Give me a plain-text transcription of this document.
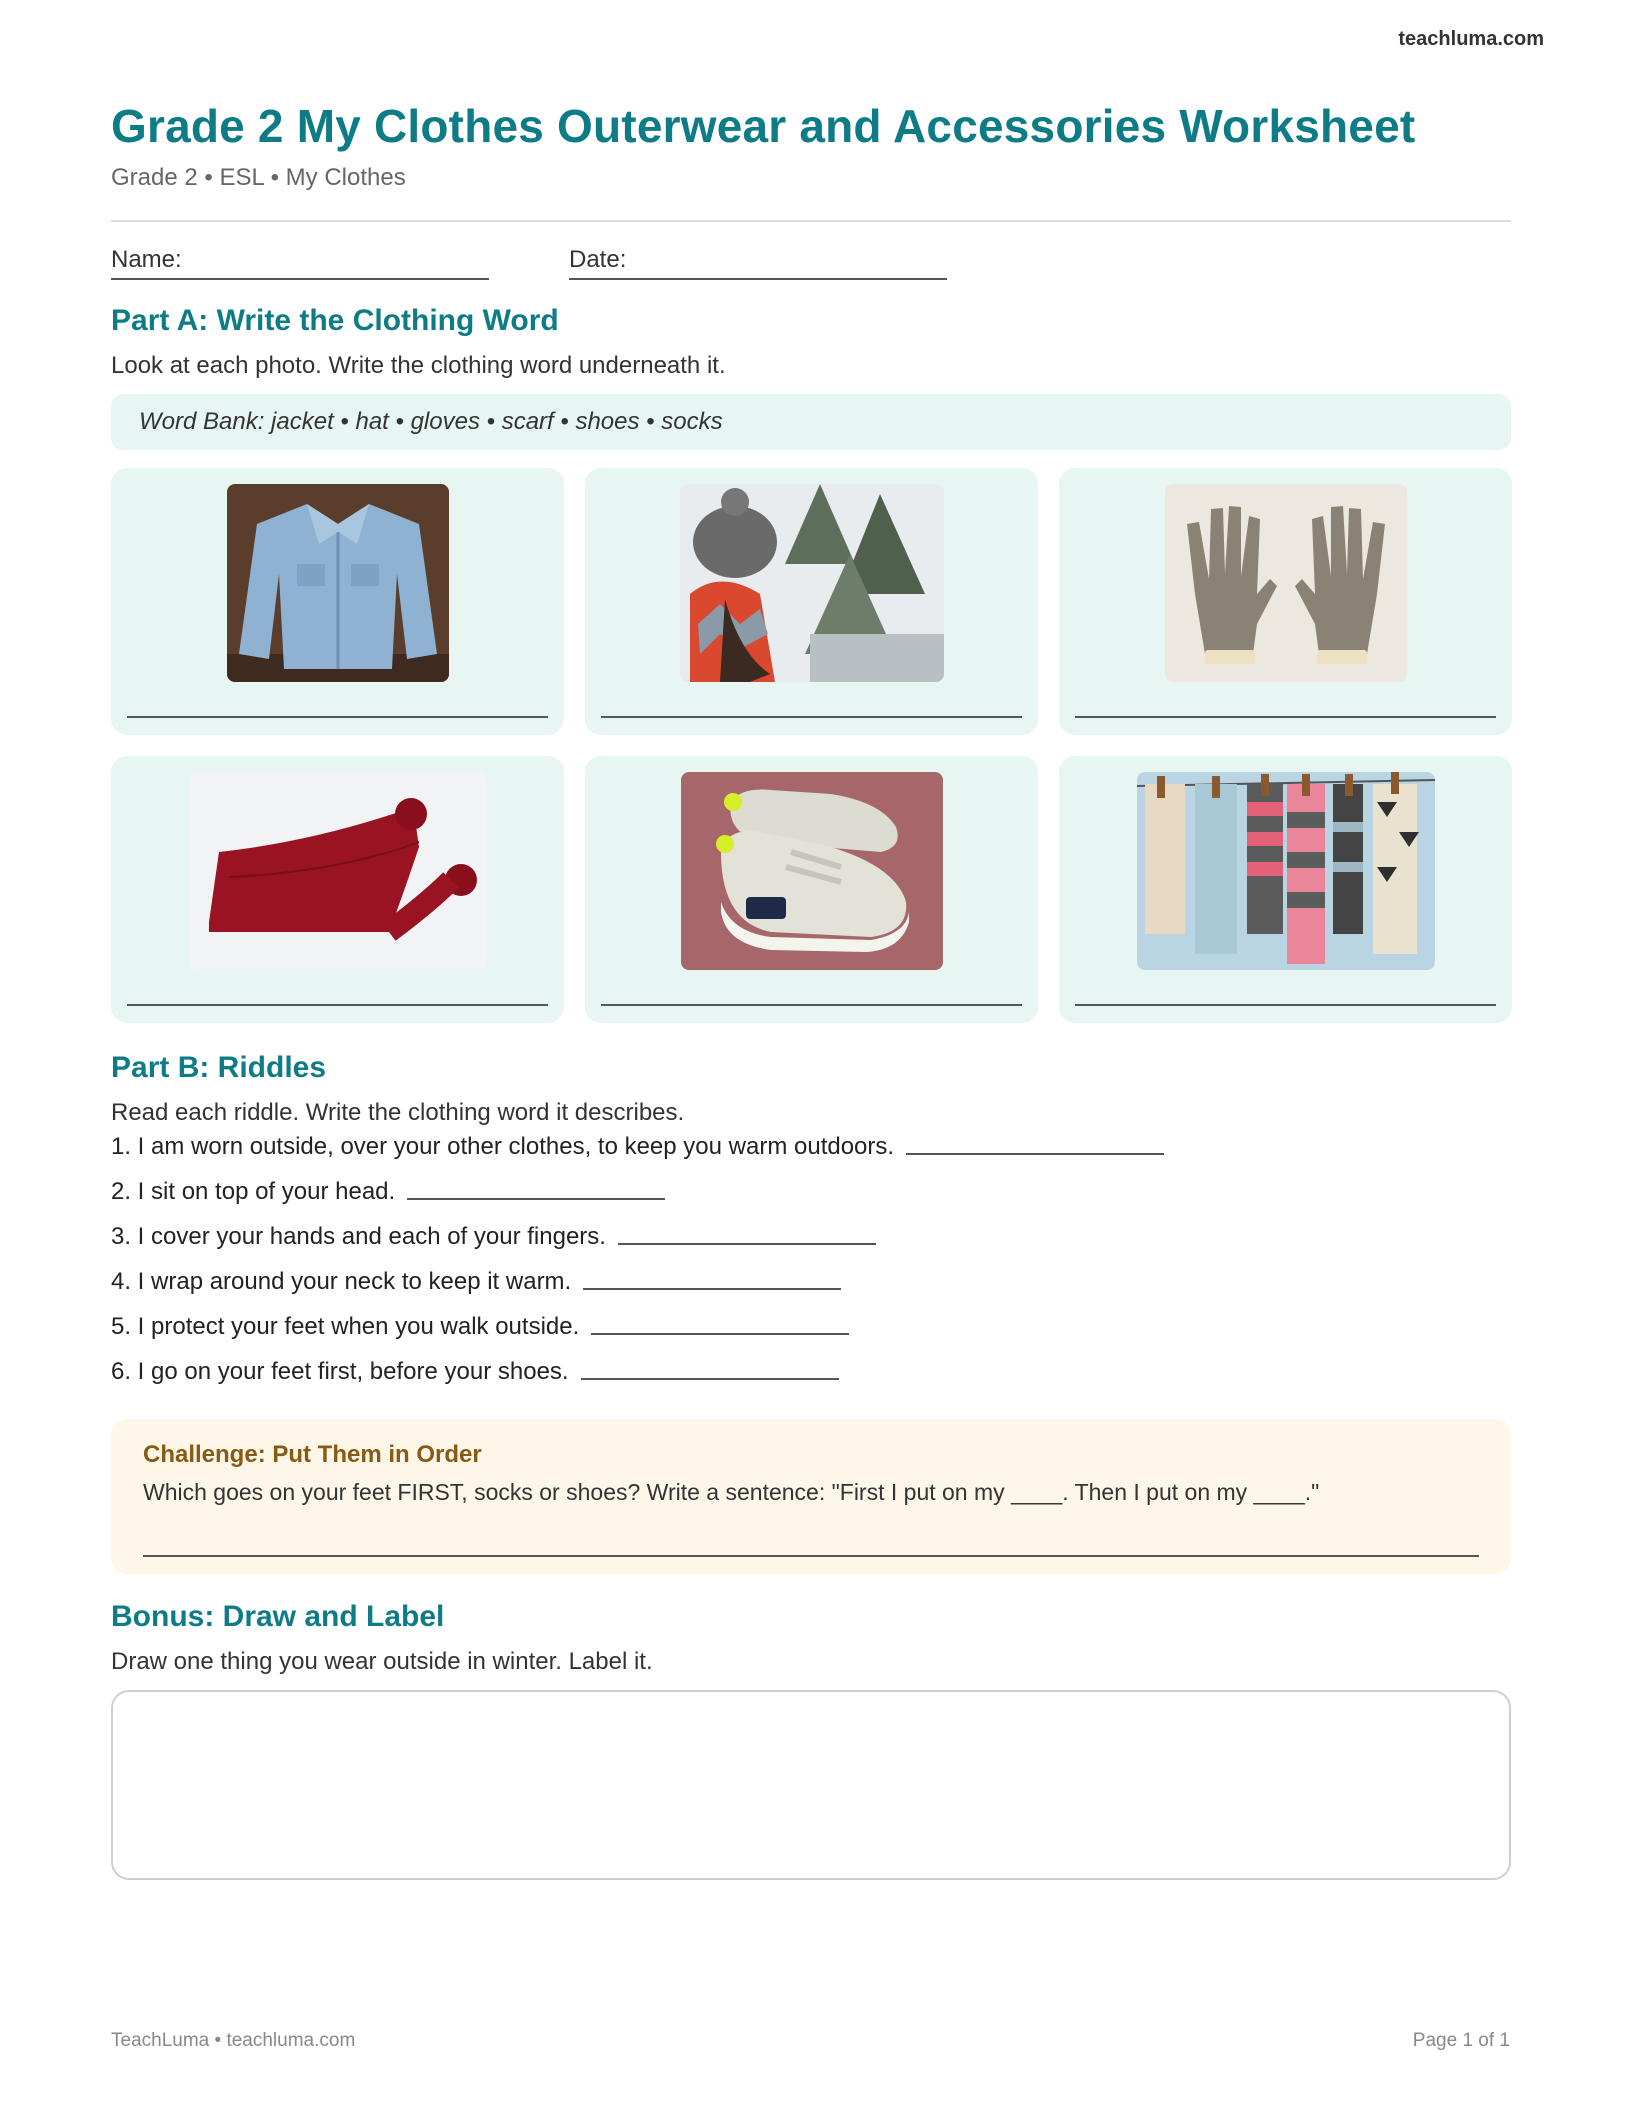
teachluma.com
Grade 2 My Clothes Outerwear and Accessories Worksheet
Grade 2 • ESL • My Clothes
Name:	Date:
Part A: Write the Clothing Word
Look at each photo. Write the clothing word underneath it.
Word Bank: jacket • hat • gloves • scarf • shoes • socks
Part B: Riddles
Read each riddle. Write the clothing word it describes.
1. I am worn outside, over your other clothes, to keep you warm outdoors.
2. I sit on top of your head.
3. I cover your hands and each of your fingers.
4. I wrap around your neck to keep it warm.
5. I protect your feet when you walk outside.
6. I go on your feet first, before your shoes.
Challenge: Put Them in Order
Which goes on your feet FIRST, socks or shoes? Write a sentence: "First I put on my ____. Then I put on my ____."
Bonus: Draw and Label
Draw one thing you wear outside in winter. Label it.
TeachLuma • teachluma.com	Page 1 of 1
